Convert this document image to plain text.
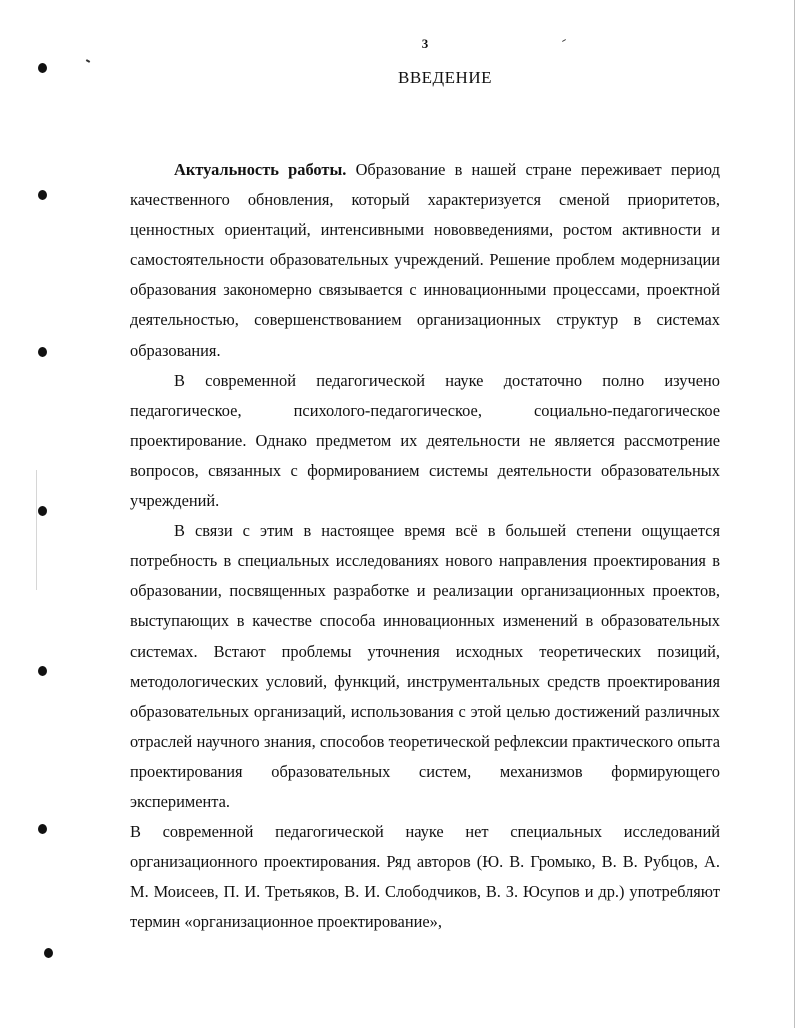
3
ВВЕДЕНИЕ

Актуальность работы. Образование в нашей стране переживает период качественного обновления, который характеризуется сменой приоритетов, ценностных ориентаций, интенсивными нововведениями, ростом активности и самостоятельности образовательных учреждений. Решение проблем модернизации образования закономерно связывается с инновационными процессами, проектной деятельностью, совершенствованием организационных структур в системах образования.

В современной педагогической науке достаточно полно изучено педагогическое, психолого-педагогическое, социально-педагогическое проектирование. Однако предметом их деятельности не является рассмотрение вопросов, связанных с формированием системы деятельности образовательных учреждений.

В связи с этим в настоящее время всё в большей степени ощущается потребность в специальных исследованиях нового направления проектирования в образовании, посвященных разработке и реализации организационных проектов, выступающих в качестве способа инновационных изменений в образовательных системах. Встают проблемы уточнения исходных теоретических позиций, методологических условий, функций, инструментальных средств проектирования образовательных организаций, использования с этой целью достижений различных отраслей научного знания, способов теоретической рефлексии практического опыта проектирования образовательных систем, механизмов формирующего эксперимента.

В современной педагогической науке нет специальных исследований организационного проектирования. Ряд авторов (Ю. В. Громыко, В. В. Рубцов, А. М. Моисеев, П. И. Третьяков, В. И. Слободчиков, В. З. Юсупов и др.) употребляют термин «организационное проектирование»,
